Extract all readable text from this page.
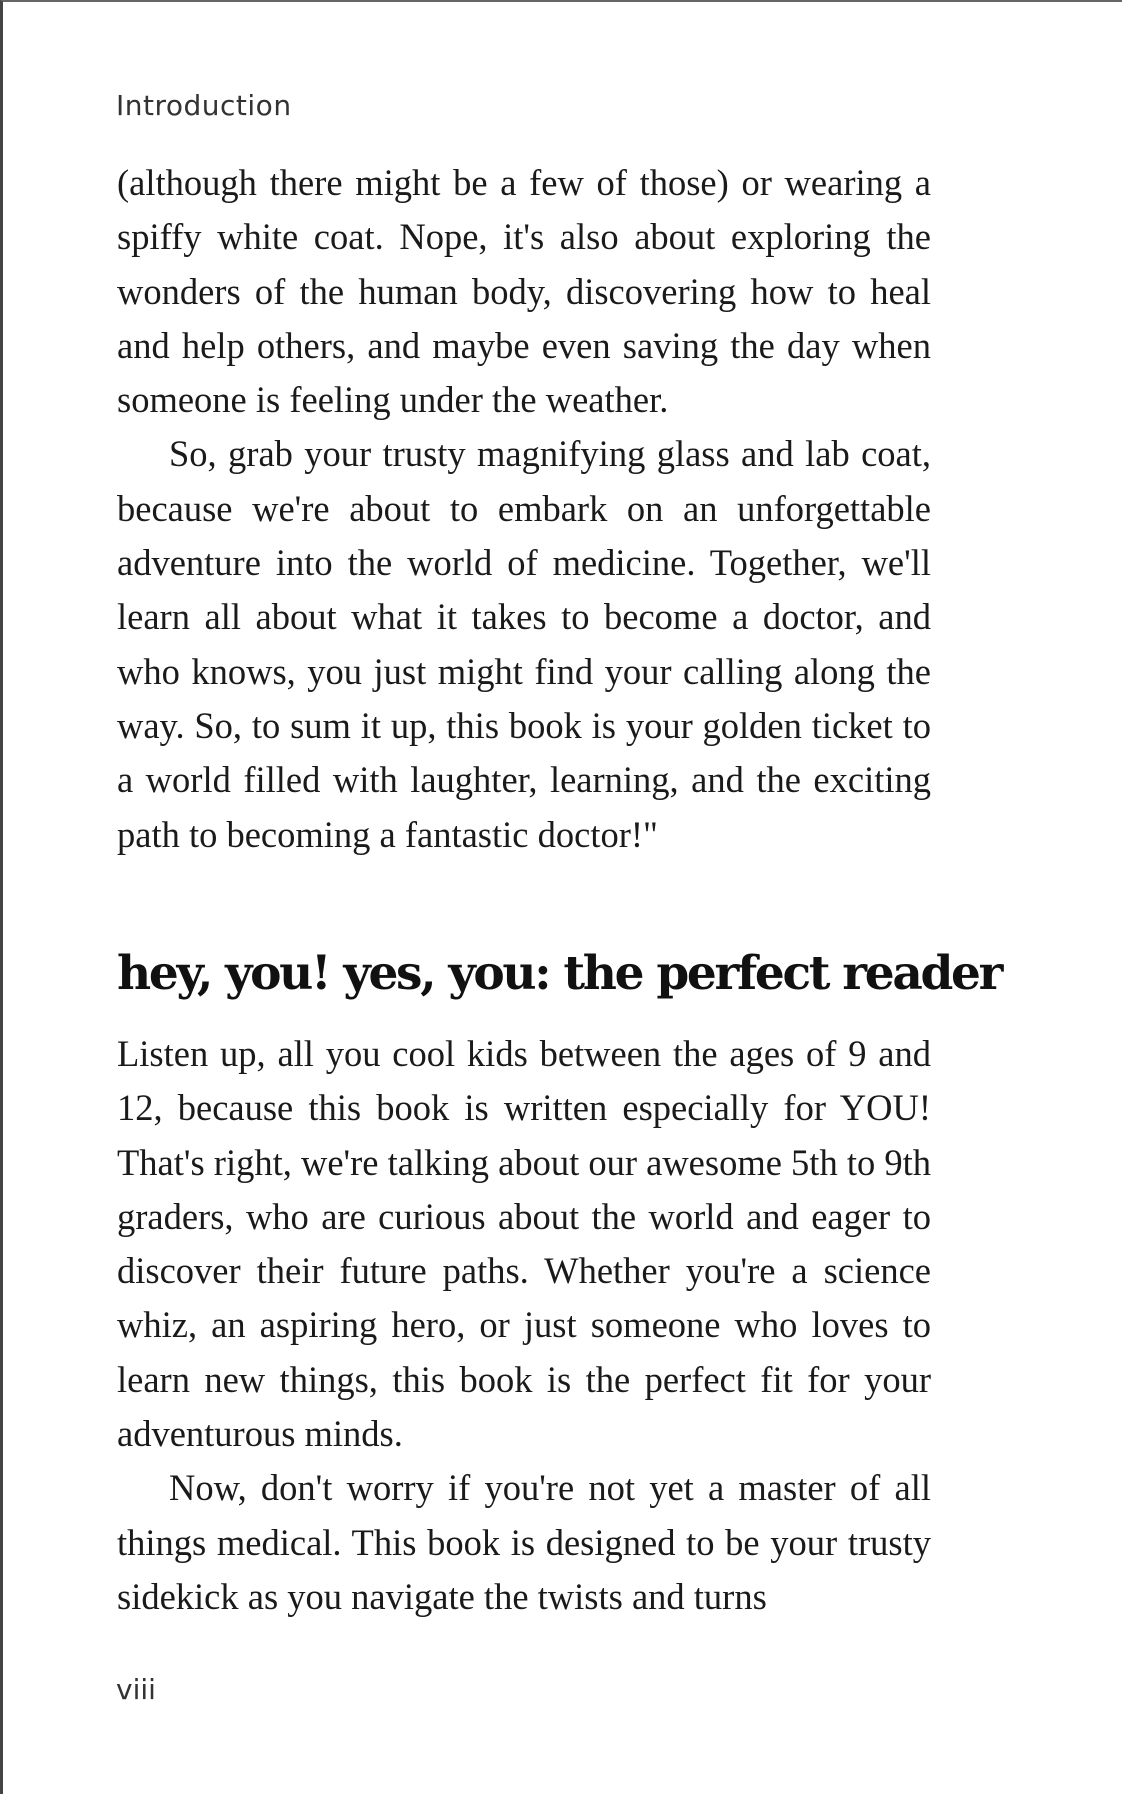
Introduction

(although there might be a few of those) or wearing a spiffy white coat. Nope, it's also about exploring the wonders of the human body, discovering how to heal and help others, and maybe even saving the day when someone is feeling under the weather.

So, grab your trusty magnifying glass and lab coat, because we're about to embark on an unforgettable adventure into the world of medicine. Together, we'll learn all about what it takes to become a doctor, and who knows, you just might find your calling along the way. So, to sum it up, this book is your golden ticket to a world filled with laughter, learning, and the exciting path to becoming a fantastic doctor!"

hey, you! yes, you: the perfect reader

Listen up, all you cool kids between the ages of 9 and 12, because this book is written especially for YOU! That's right, we're talking about our awesome 5th to 9th graders, who are curious about the world and eager to discover their future paths. Whether you're a science whiz, an aspiring hero, or just someone who loves to learn new things, this book is the perfect fit for your adventurous minds.

Now, don't worry if you're not yet a master of all things medical. This book is designed to be your trusty sidekick as you navigate the twists and turns

viii
